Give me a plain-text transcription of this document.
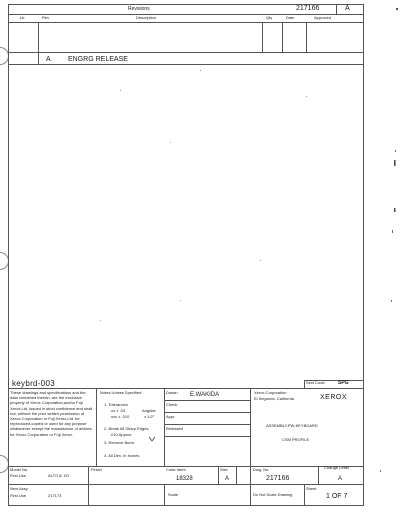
Revisions	217166	A
Ltr.	Rev	Description	Qty	Date	Approved
A ENGRG RELEASE
Sect Code	SPG
keybrd-003
These drawings and specifications and the data contained therein, are the exclusive property of Xerox Corporation,and/or Fuji Xerox,Ltd.,issued in strict confidence and shall not, without the prior written permission of Xerox Corporation or Fuji Xerox,Ltd. be reproduced,copied or used for any purpose whatsoever except the manufacture of articles for Xerox Corporation or Fuji Xerox.
Notes Unless Specified
1. Tolerances
.xx ± .03
.xxx ± .010
Angular
± 1/2°
2. Break All Sharp Edges
.010 Approx
3. Remove Burrs
4. All Dim. In Inches
Drawn E.WAKIDA
Check
Appr.
Released
Xerox Corporation
El Segundo, California	XEROX
ASSEMBLY,PW-KEYBOARD
CSM PROFILE
Model No.
First Use	ALTO II/ I/O
Finish	Code Ident
18328
Size
A
Dwg. No.
217166
Change Letter
A
Next Assy
First Use	217173	Scale	Do Not Scale Drawing
Sheet
1 OF 7
